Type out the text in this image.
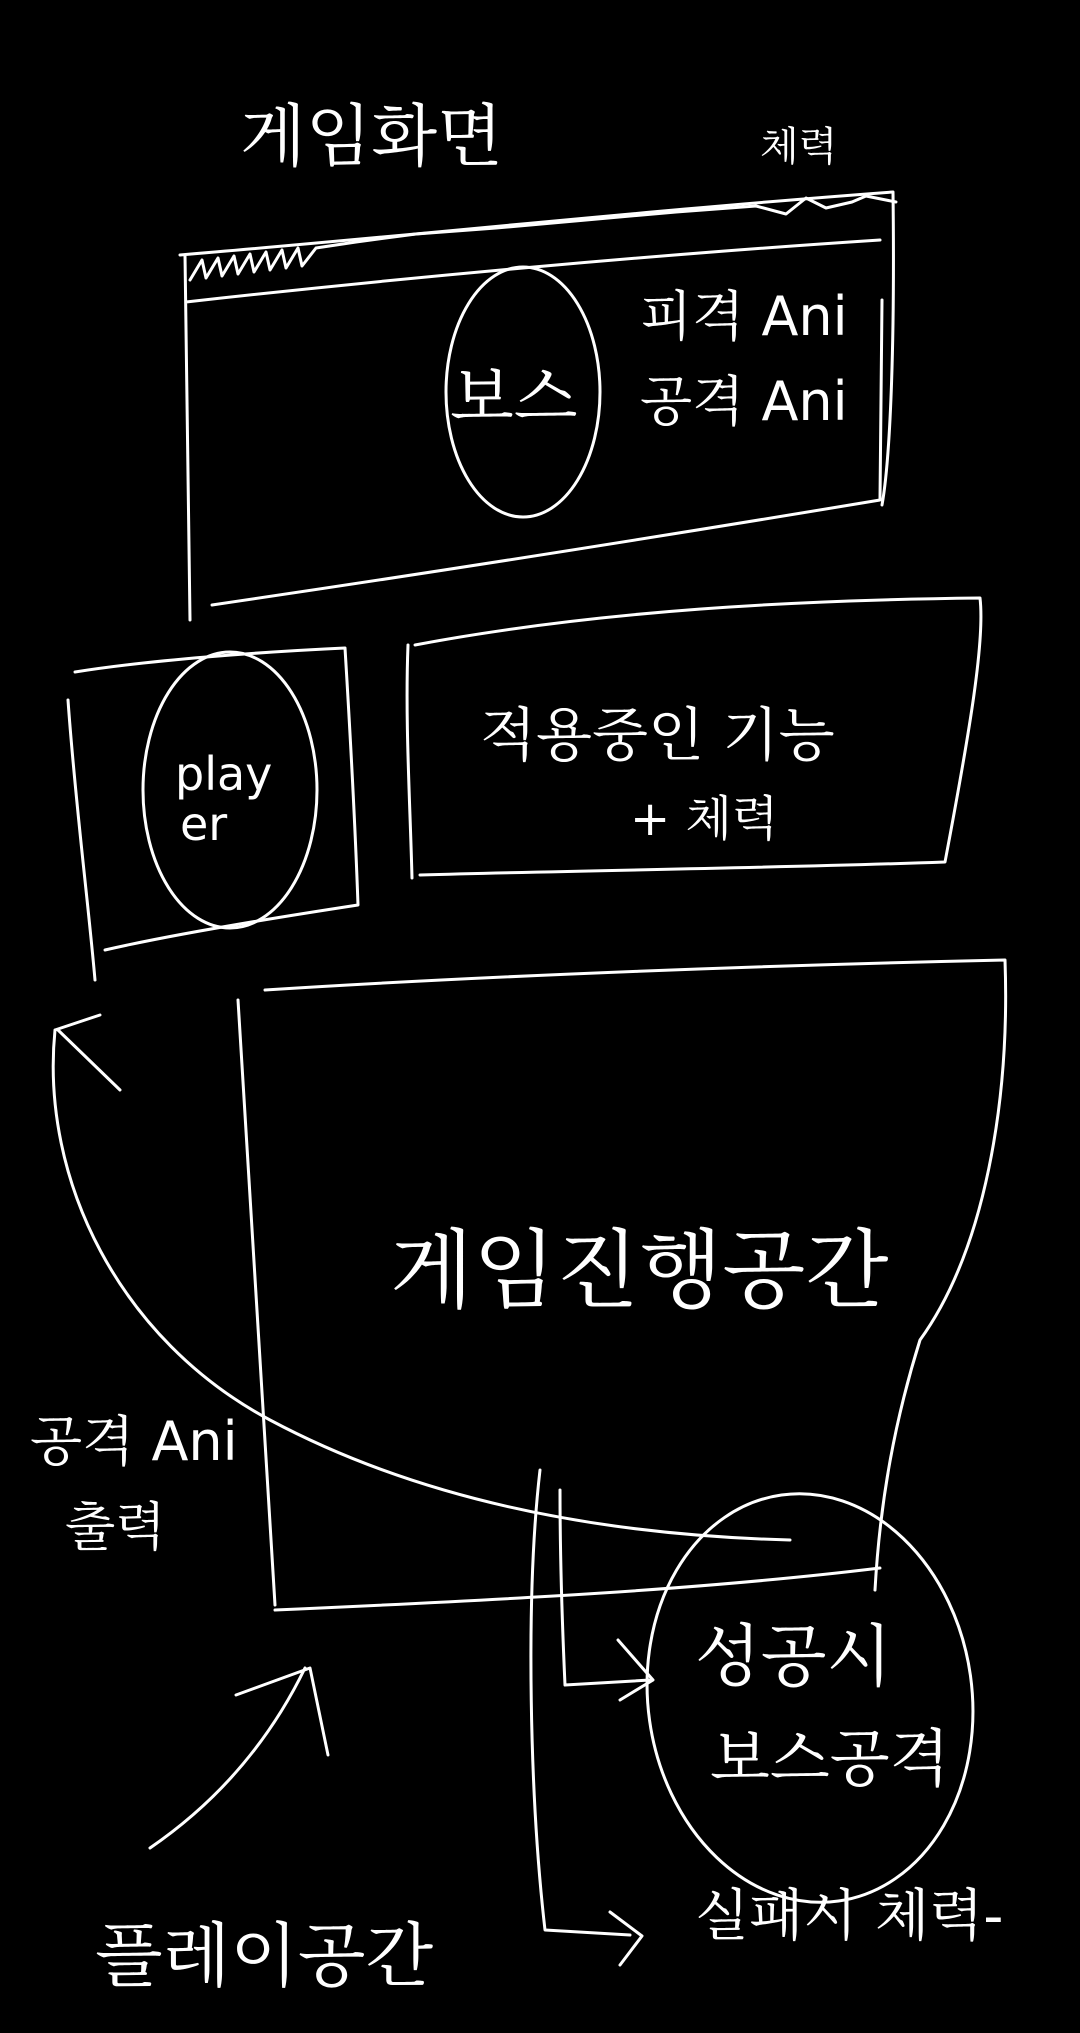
게임화면	체력
보스
피격 Ani
공격 Ani
play
er
적용중인 기능
+ 체력
게임진행공간
성공시
보스공격
공격 Ani
출력
실패시 체력-
플레이공간
